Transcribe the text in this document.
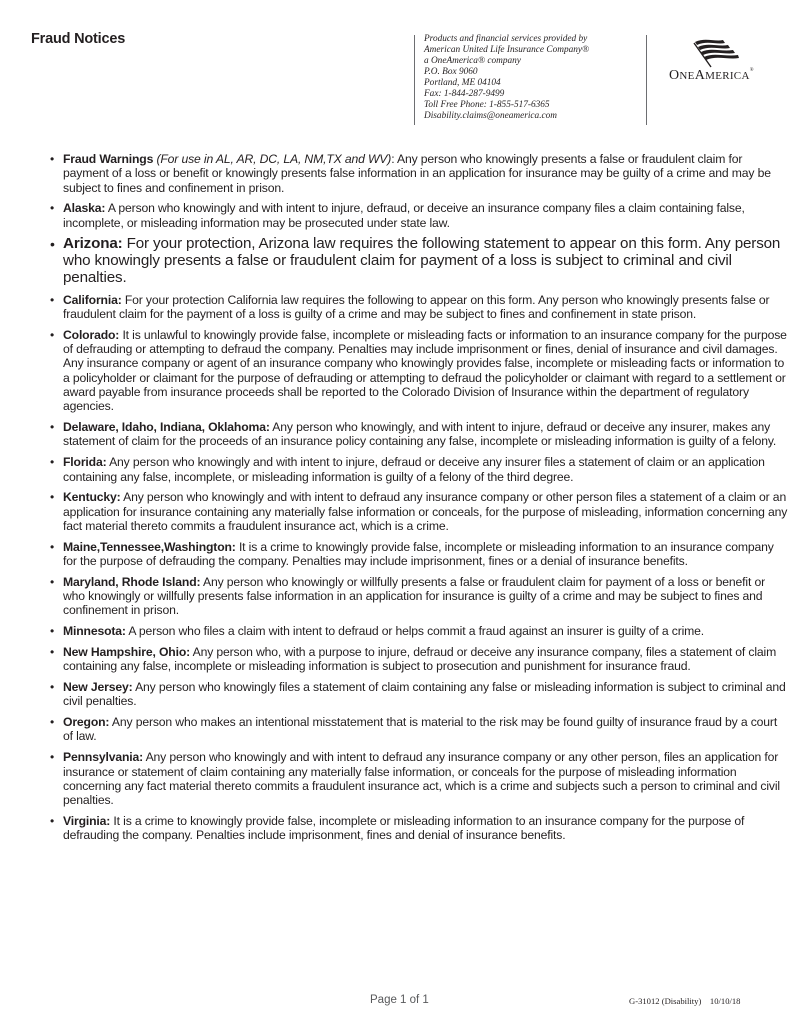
Fraud Notices	Products and financial services provided by
American United Life Insurance Company®
a OneAmerica® company
P.O. Box 9060
Portland, ME 04104
Fax: 1-844-287-9499
Toll Free Phone: 1-855-517-6365
Disability.claims@oneamerica.com
ONEAMERICA®
• Fraud Warnings (For use in AL, AR, DC, LA, NM,TX and WV): Any person who knowingly presents a false or fraudulent claim for payment of a loss or benefit or knowingly presents false information in an application for insurance may be guilty of a crime and may be subject to fines and confinement in prison.
• Alaska: A person who knowingly and with intent to injure, defraud, or deceive an insurance company files a claim containing false, incomplete, or misleading information may be prosecuted under state law.
• Arizona: For your protection, Arizona law requires the following statement to appear on this form. Any person who knowingly presents a false or fraudulent claim for payment of a loss is subject to criminal and civil penalties.
• California: For your protection California law requires the following to appear on this form. Any person who knowingly presents false or fraudulent claim for the payment of a loss is guilty of a crime and may be subject to fines and confinement in state prison.
• Colorado: It is unlawful to knowingly provide false, incomplete or misleading facts or information to an insurance company for the purpose of defrauding or attempting to defraud the company. Penalties may include imprisonment or fines, denial of insurance and civil damages. Any insurance company or agent of an insurance company who knowingly provides false, incomplete or misleading facts or information to a policyholder or claimant for the purpose of defrauding or attempting to defraud the policyholder or claimant with regard to a settlement or award payable from insurance proceeds shall be reported to the Colorado Division of Insurance within the department of regulatory agencies.
• Delaware, Idaho, Indiana, Oklahoma: Any person who knowingly, and with intent to injure, defraud or deceive any insurer, makes any statement of claim for the proceeds of an insurance policy containing any false, incomplete or misleading information is guilty of a felony.
• Florida: Any person who knowingly and with intent to injure, defraud or deceive any insurer files a statement of claim or an application containing any false, incomplete, or misleading information is guilty of a felony of the third degree.
• Kentucky: Any person who knowingly and with intent to defraud any insurance company or other person files a statement of a claim or an application for insurance containing any materially false information or conceals, for the purpose of misleading, information concerning any fact material thereto commits a fraudulent insurance act, which is a crime.
• Maine,Tennessee,Washington: It is a crime to knowingly provide false, incomplete or misleading information to an insurance company for the purpose of defrauding the company. Penalties may include imprisonment, fines or a denial of insurance benefits.
• Maryland, Rhode Island: Any person who knowingly or willfully presents a false or fraudulent claim for payment of a loss or benefit or who knowingly or willfully presents false information in an application for insurance is guilty of a crime and may be subject to fines and confinement in prison.
• Minnesota: A person who files a claim with intent to defraud or helps commit a fraud against an insurer is guilty of a crime.
• New Hampshire, Ohio: Any person who, with a purpose to injure, defraud or deceive any insurance company, files a statement of claim containing any false, incomplete or misleading information is subject to prosecution and punishment for insurance fraud.
• New Jersey: Any person who knowingly files a statement of claim containing any false or misleading information is subject to criminal and civil penalties.
• Oregon: Any person who makes an intentional misstatement that is material to the risk may be found guilty of insurance fraud by a court of law.
• Pennsylvania: Any person who knowingly and with intent to defraud any insurance company or any other person, files an application for insurance or statement of claim containing any materially false information, or conceals for the purpose of misleading information concerning any fact material thereto commits a fraudulent insurance act, which is a crime and subjects such a person to criminal and civil penalties.
• Virginia: It is a crime to knowingly provide false, incomplete or misleading information to an insurance company for the purpose of defrauding the company. Penalties include imprisonment, fines and denial of insurance benefits.
Page 1 of 1	G-31012 (Disability)    10/10/18
